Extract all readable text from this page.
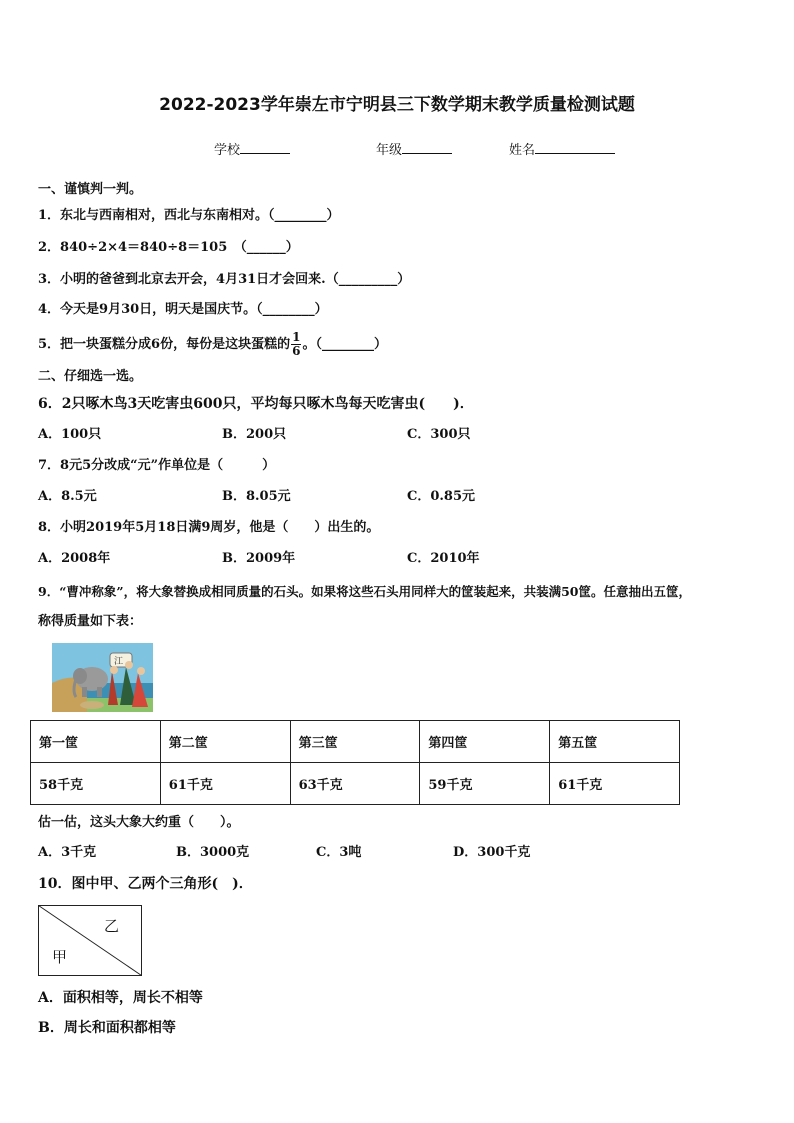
2022-2023学年崇左市宁明县三下数学期末教学质量检测试题
学校	年级	姓名
一、谨慎判一判。
1．东北与西南相对，西北与东南相对。（________）
2．840÷2×4＝840÷8＝105　（______）
3．小明的爸爸到北京去开会，4月31日才会回来.（_________）
4．今天是9月30日，明天是国庆节。（________）
5．把一块蛋糕分成6份，每份是这块蛋糕的 $\frac{1}{6}$ 。（________）
二、仔细选一选。
6．2只啄木鸟3天吃害虫600只，平均每只啄木鸟每天吃害虫(　　)．
A．100只	B．200只	C．300只
7．8元5分改成“元”作单位是（　　　）
A．8.5元	B．8.05元	C．0.85元
8．小明2019年5月18日满9周岁，他是（　　）出生的。
A．2008年	B．2009年	C．2010年
9．“曹冲称象”，将大象替换成相同质量的石头。如果将这些石头用同样大的筐装起来，共装满50筐。任意抽出五筐，
称得质量如下表：
江
第一筐	第二筐	第三筐	第四筐	第五筐
58千克	61千克	63千克	59千克	61千克
估一估，这头大象大约重（　　）。
A．3千克	B．3000克	C．3吨	D．300千克
10．图中甲、乙两个三角形(　)．
乙
甲
A．面积相等，周长不相等
B．周长和面积都相等
